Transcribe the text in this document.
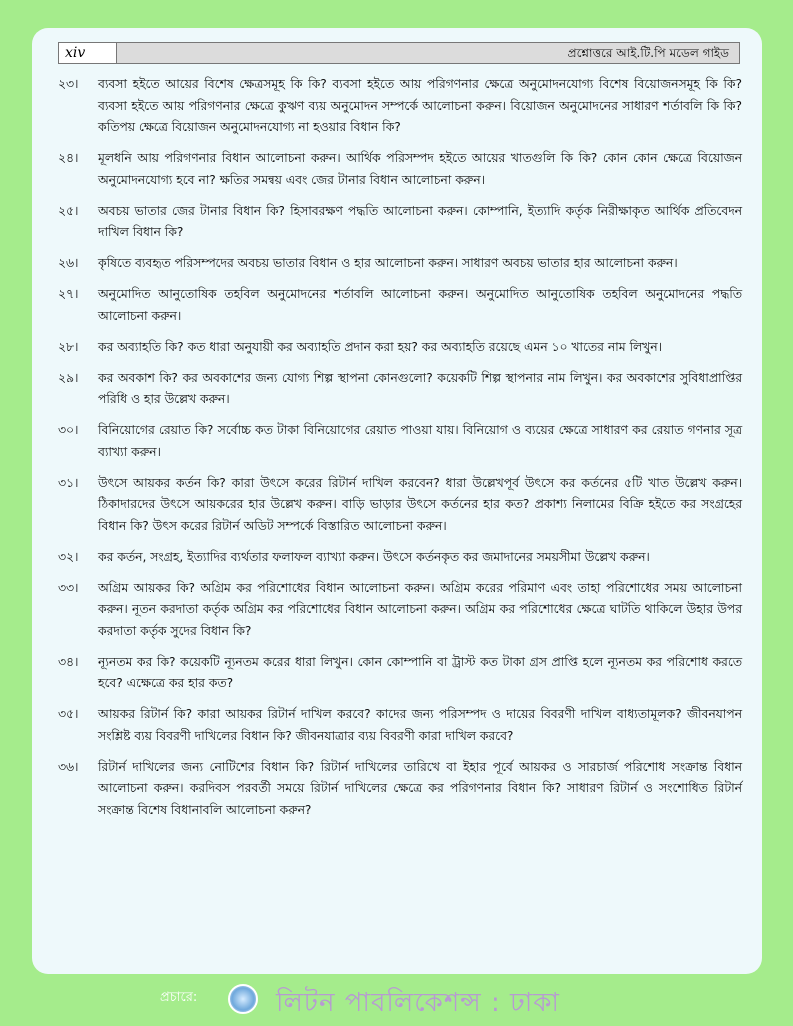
xiv	প্রশ্নোত্তরে আই.টি.পি মডেল গাইড
২৩। ব্যবসা হইতে আয়ের বিশেষ ক্ষেত্রসমূহ কি কি? ব্যবসা হইতে আয় পরিগণনার ক্ষেত্রে অনুমোদনযোগ্য বিশেষ বিয়োজনসমূহ কি কি? ব্যবসা হইতে আয় পরিগণনার ক্ষেত্রে কুঋণ ব্যয় অনুমোদন সম্পর্কে আলোচনা করুন। বিয়োজন অনুমোদনের সাধারণ শর্তাবলি কি কি? কতিপয় ক্ষেত্রে বিয়োজন অনুমোদনযোগ্য না হওয়ার বিধান কি?
২৪। মূলধনি আয় পরিগণনার বিধান আলোচনা করুন। আর্থিক পরিসম্পদ হইতে আয়ের খাতগুলি কি কি? কোন কোন ক্ষেত্রে বিয়োজন অনুমোদনযোগ্য হবে না? ক্ষতির সমন্বয় এবং জের টানার বিধান আলোচনা করুন।
২৫। অবচয় ভাতার জের টানার বিধান কি? হিসাবরক্ষণ পদ্ধতি আলোচনা করুন। কোম্পানি, ইত্যাদি কর্তৃক নিরীক্ষাকৃত আর্থিক প্রতিবেদন দাখিল বিধান কি?
২৬। কৃষিতে ব্যবহৃত পরিসম্পদের অবচয় ভাতার বিধান ও হার আলোচনা করুন। সাধারণ অবচয় ভাতার হার আলোচনা করুন।
২৭। অনুমোদিত আনুতোষিক তহবিল অনুমোদনের শর্তাবলি আলোচনা করুন। অনুমোদিত আনুতোষিক তহবিল অনুমোদনের পদ্ধতি আলোচনা করুন।
২৮। কর অব্যাহতি কি? কত ধারা অনুযায়ী কর অব্যাহতি প্রদান করা হয়? কর অব্যাহতি রয়েছে এমন ১০ খাতের নাম লিখুন।
২৯। কর অবকাশ কি? কর অবকাশের জন্য যোগ্য শিল্প স্থাপনা কোনগুলো? কয়েকটি শিল্প স্থাপনার নাম লিখুন। কর অবকাশের সুবিধাপ্রাপ্তির পরিধি ও হার উল্লেখ করুন।
৩০। বিনিয়োগের রেয়াত কি? সর্বোচ্চ কত টাকা বিনিয়োগের রেয়াত পাওয়া যায়। বিনিয়োগ ও ব্যয়ের ক্ষেত্রে সাধারণ কর রেয়াত গণনার সূত্র ব্যাখ্যা করুন।
৩১। উৎসে আয়কর কর্তন কি? কারা উৎসে করের রিটার্ন দাখিল করবেন? ধারা উল্লেখপূর্ব উৎসে কর কর্তনের ৫টি খাত উল্লেখ করুন। ঠিকাদারদের উৎসে আয়করের হার উল্লেখ করুন। বাড়ি ভাড়ার উৎসে কর্তনের হার কত? প্রকাশ্য নিলামের বিক্রি হইতে কর সংগ্রহের বিধান কি? উৎস করের রিটার্ন অডিট সম্পর্কে বিস্তারিত আলোচনা করুন।
৩২। কর কর্তন, সংগ্রহ, ইত্যাদির ব্যর্থতার ফলাফল ব্যাখ্যা করুন। উৎসে কর্তনকৃত কর জমাদানের সময়সীমা উল্লেখ করুন।
৩৩। অগ্রিম আয়কর কি? অগ্রিম কর পরিশোধের বিধান আলোচনা করুন। অগ্রিম করের পরিমাণ এবং তাহা পরিশোধের সময় আলোচনা করুন। নূতন করদাতা কর্তৃক অগ্রিম কর পরিশোধের বিধান আলোচনা করুন। অগ্রিম কর পরিশোধের ক্ষেত্রে ঘাটতি থাকিলে উহার উপর করদাতা কর্তৃক সুদের বিধান কি?
৩৪। ন্যূনতম কর কি? কয়েকটি ন্যূনতম করের ধারা লিখুন। কোন কোম্পানি বা ট্রাস্ট কত টাকা গ্রস প্রাপ্তি হলে ন্যূনতম কর পরিশোধ করতে হবে? এক্ষেত্রে কর হার কত?
৩৫। আয়কর রিটার্ন কি? কারা আয়কর রিটার্ন দাখিল করবে? কাদের জন্য পরিসম্পদ ও দায়ের বিবরণী দাখিল বাধ্যতামূলক? জীবনযাপন সংশ্লিষ্ট ব্যয় বিবরণী দাখিলের বিধান কি? জীবনযাত্রার ব্যয় বিবরণী কারা দাখিল করবে?
৩৬। রিটার্ন দাখিলের জন্য নোটিশের বিধান কি? রিটার্ন দাখিলের তারিখে বা ইহার পূর্বে আয়কর ও সারচার্জ পরিশোধ সংক্রান্ত বিধান আলোচনা করুন। করদিবস পরবর্তী সময়ে রিটার্ন দাখিলের ক্ষেত্রে কর পরিগণনার বিধান কি? সাধারণ রিটার্ন ও সংশোধিত রিটার্ন সংক্রান্ত বিশেষ বিধানাবলি আলোচনা করুন?
প্রচারে:	লিটন পাবলিকেশন্স : ঢাকা
